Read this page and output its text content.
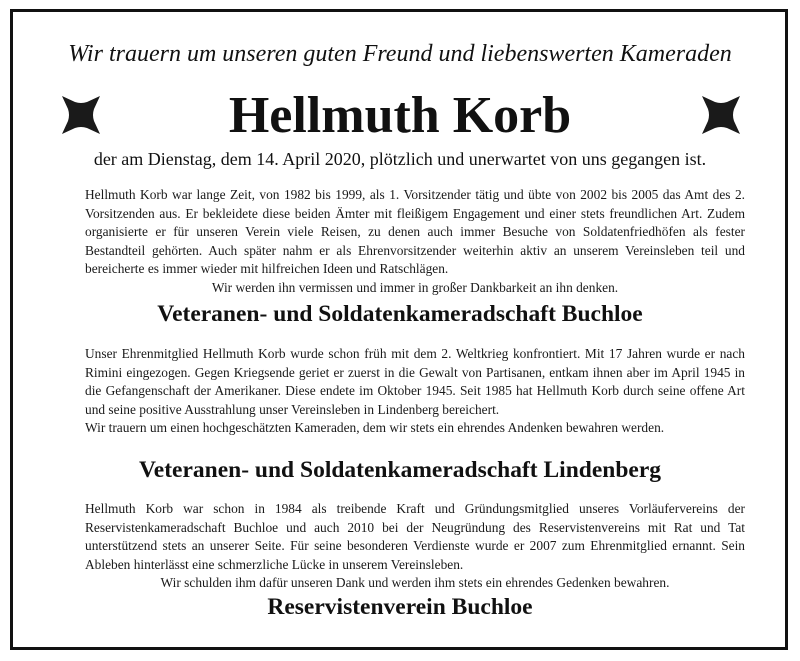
Wir trauern um unseren guten Freund und liebenswerten Kameraden
Hellmuth Korb
der am Dienstag, dem 14. April 2020, plötzlich und unerwartet von uns gegangen ist.
Hellmuth Korb war lange Zeit, von 1982 bis 1999, als 1. Vorsitzender tätig und übte von 2002 bis 2005 das Amt des 2. Vorsitzenden aus. Er bekleidete diese beiden Ämter mit fleißigem Engagement und einer stets freundlichen Art. Zudem organisierte er für unseren Verein viele Reisen, zu denen auch immer Besuche von Soldatenfriedhöfen als fester Bestandteil gehörten. Auch später nahm er als Ehrenvorsitzender weiterhin aktiv an unserem Vereinsleben teil und bereicherte es immer wieder mit hilfreichen Ideen und Ratschlägen.
Wir werden ihn vermissen und immer in großer Dankbarkeit an ihn denken.
Veteranen- und Soldatenkameradschaft Buchloe
Unser Ehrenmitglied Hellmuth Korb wurde schon früh mit dem 2. Weltkrieg konfrontiert. Mit 17 Jahren wurde er nach Rimini eingezogen. Gegen Kriegsende geriet er zuerst in die Gewalt von Partisanen, entkam ihnen aber im April 1945 in die Gefangenschaft der Amerikaner. Diese endete im Oktober 1945. Seit 1985 hat Hellmuth Korb durch seine offene Art und seine positive Ausstrahlung unser Vereinsleben in Lindenberg bereichert.
Wir trauern um einen hochgeschätzten Kameraden, dem wir stets ein ehrendes Andenken bewahren werden.
Veteranen- und Soldatenkameradschaft Lindenberg
Hellmuth Korb war schon in 1984 als treibende Kraft und Gründungsmitglied unseres Vorläufervereins der Reservistenkameradschaft Buchloe und auch 2010 bei der Neugründung des Reservistenvereins mit Rat und Tat unterstützend stets an unserer Seite. Für seine besonderen Verdienste wurde er 2007 zum Ehrenmitglied ernannt. Sein Ableben hinterlässt eine schmerzliche Lücke in unserem Vereinsleben.
Wir schulden ihm dafür unseren Dank und werden ihm stets ein ehrendes Gedenken bewahren.
Reservistenverein Buchloe
